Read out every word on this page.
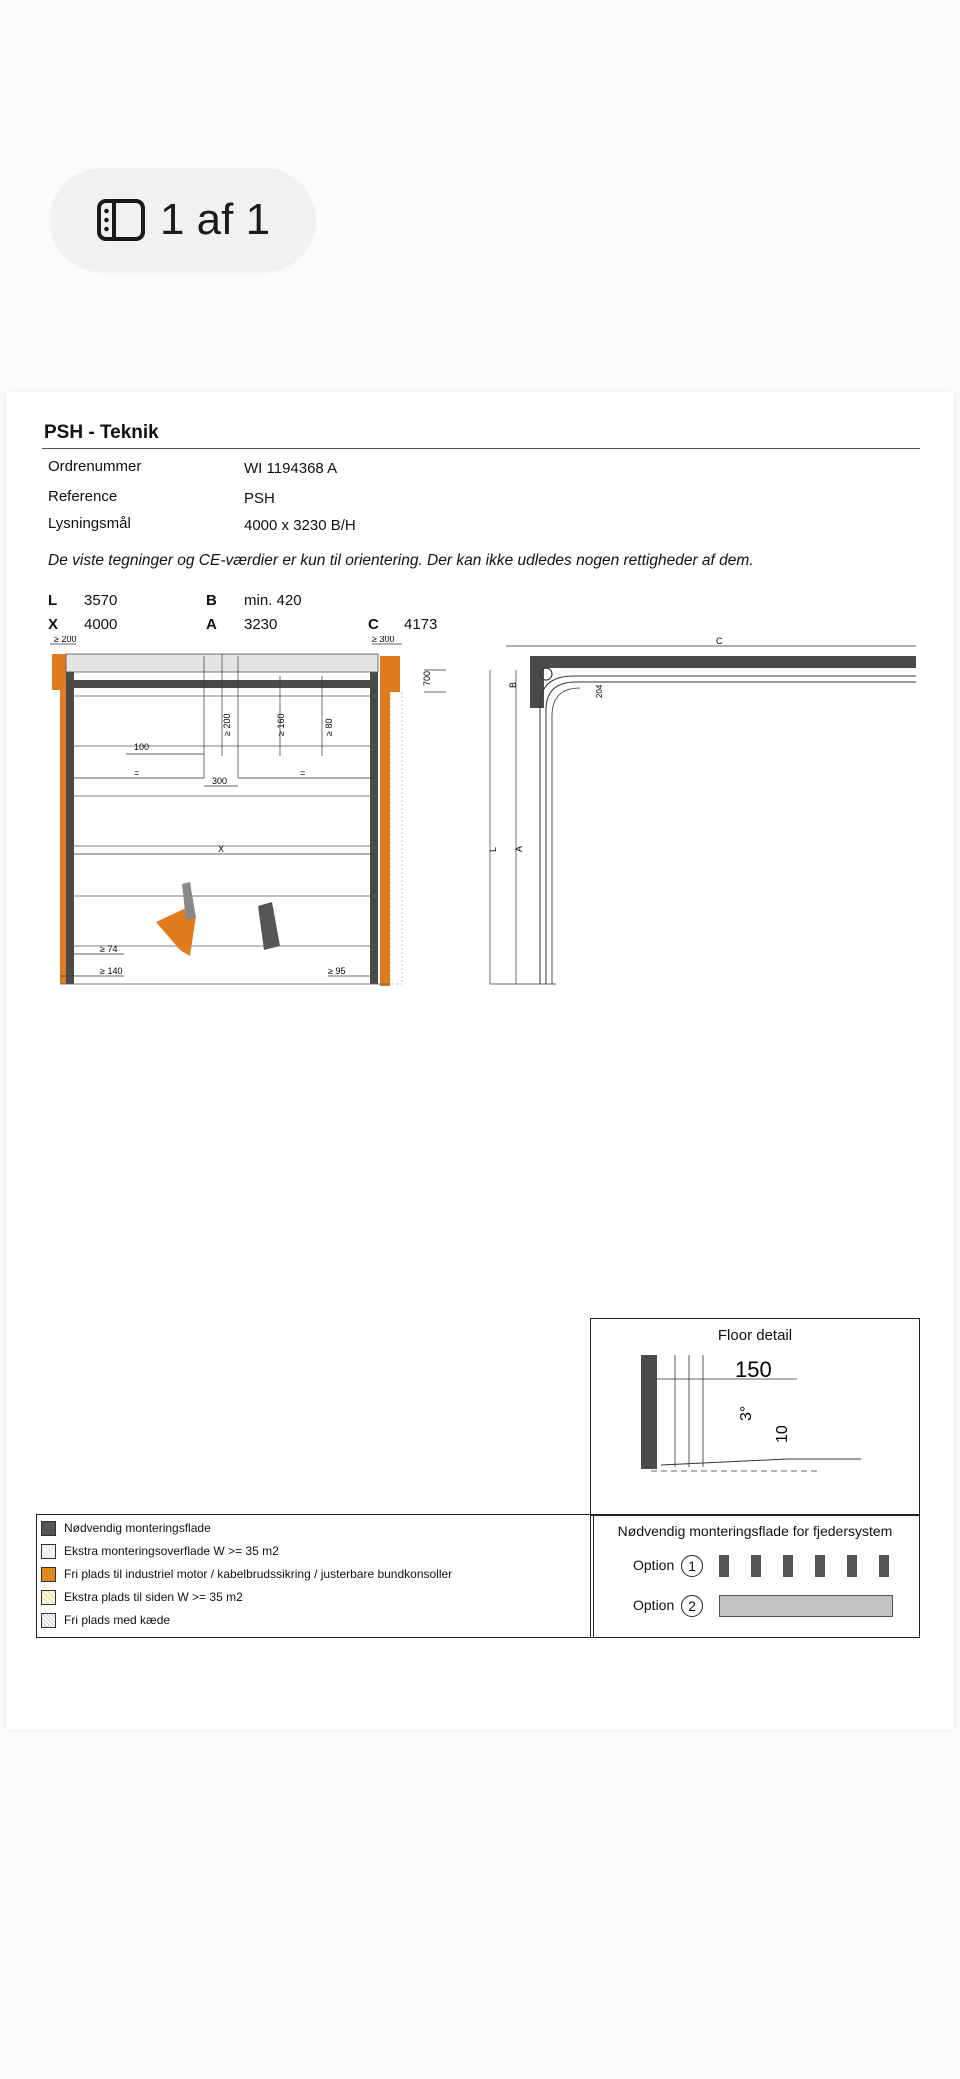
1 af 1
PSH - Teknik
Ordrenummer	WI 1194368 A
Reference	PSH
Lysningsmål	4000 x 3230 B/H
De viste tegninger og CE-værdier er kun til orientering. Der kan ikke udledes nogen rettigheder af dem.
L 3570	B min. 420
X 4000	A 3230	C 4173
≥ 200	≥ 300
100
=	=
300
X
≥ 74
≥ 140	≥ 95
≥ 200	≥ 160	≥ 80
700
C
L A
B	204
Floor detail
150
3°
10
Nødvendig monteringsflade
Ekstra monteringsoverflade W >= 35 m2
Fri plads til industriel motor / kabelbrudssikring / justerbare bundkonsoller
Ekstra plads til siden W >= 35 m2
Fri plads med kæde
Nødvendig monteringsflade for fjedersystem
Option 1
Option 2
